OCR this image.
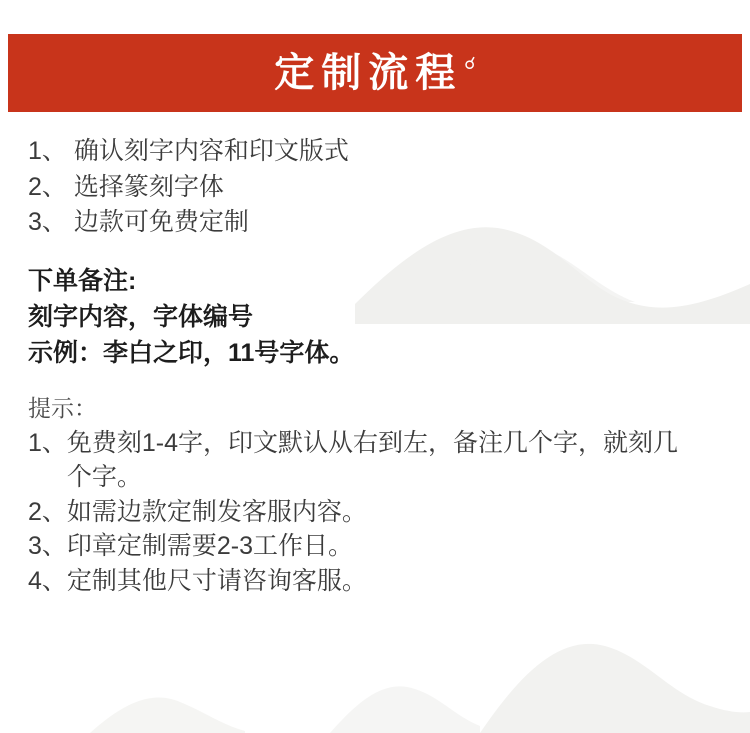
定制流程 ☌
1、 确认刻字内容和印文版式
2、 选择篆刻字体
3、 边款可免费定制
下单备注:
刻字内容，字体编号
示例：李白之印，11号字体。
提示：
1、 免费刻1-4字，印文默认从右到左，备注几个字，就刻几个字。
2、 如需边款定制发客服内容。
3、 印章定制需要2-3工作日。
4、 定制其他尺寸请咨询客服。
